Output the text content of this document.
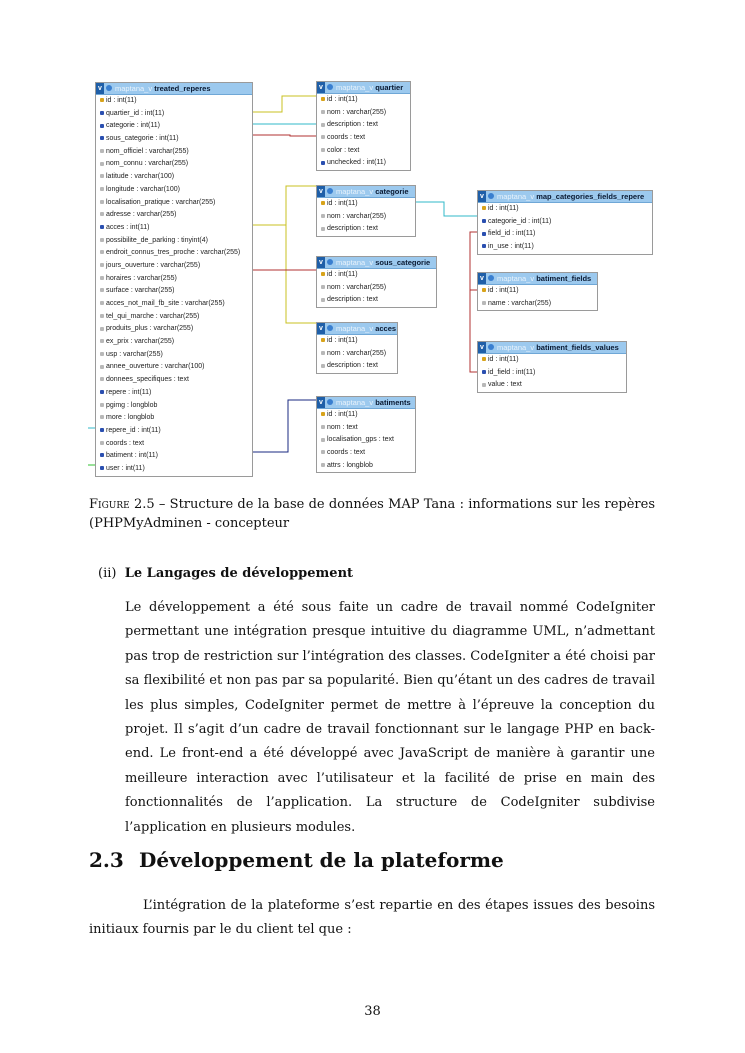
v maptana_v treated_reperes
id : int(11)
quartier_id : int(11)
categorie : int(11)
sous_categorie : int(11)
nom_officiel : varchar(255)
nom_connu : varchar(255)
latitude : varchar(100)
longitude : varchar(100)
localisation_pratique : varchar(255)
adresse : varchar(255)
acces : int(11)
possibilite_de_parking : tinyint(4)
endroit_connus_tres_proche : varchar(255)
jours_ouverture : varchar(255)
horaires : varchar(255)
surface : varchar(255)
acces_not_mail_fb_site : varchar(255)
tel_qui_marche : varchar(255)
produits_plus : varchar(255)
ex_prix : varchar(255)
usp : varchar(255)
annee_ouverture : varchar(100)
donnees_specifiques : text
repere : int(11)
pgimg : longblob
more : longblob
repere_id : int(11)
coords : text
batiment : int(11)
user : int(11)
v maptana_v quartier
id : int(11)
nom : varchar(255)
description : text
coords : text
color : text
unchecked : int(11)
v maptana_v categorie
id : int(11)
nom : varchar(255)
description : text
v maptana_v sous_categorie
id : int(11)
nom : varchar(255)
description : text
v maptana_v acces
id : int(11)
nom : varchar(255)
description : text
v maptana_v batiments
id : int(11)
nom : text
localisation_gps : text
coords : text
attrs : longblob
v maptana_v map_categories_fields_repere
id : int(11)
categorie_id : int(11)
field_id : int(11)
in_use : int(11)
v maptana_v batiment_fields
id : int(11)
name : varchar(255)
v maptana_v batiment_fields_values
id : int(11)
id_field : int(11)
value : text
Figure 2.5 – Structure de la base de données MAP Tana : informations sur les repères (PHPMyAdminen - concepteur
(ii) Le Langages de développement
Le développement a été sous faite un cadre de travail nommé CodeIgniter permettant une intégration presque intuitive du diagramme UML, n’admettant pas trop de restriction sur l’intégration des classes. CodeIgniter a été choisi par sa flexibilité et non pas par sa popularité. Bien qu’étant un des cadres de travail les plus simples, CodeIgniter permet de mettre à l’épreuve la conception du projet. Il s’agit d’un cadre de travail fonctionnant sur le langage PHP en back-end. Le front-end a été développé avec JavaScript de manière à garantir une meilleure interaction avec l’utilisateur et la facilité de prise en main des fonctionnalités de l’application. La structure de CodeIgniter subdivise l’application en plusieurs modules.
2.3 Développement de la plateforme
L’intégration de la plateforme s’est repartie en des étapes issues des besoins initiaux fournis par le du client tel que :
38
